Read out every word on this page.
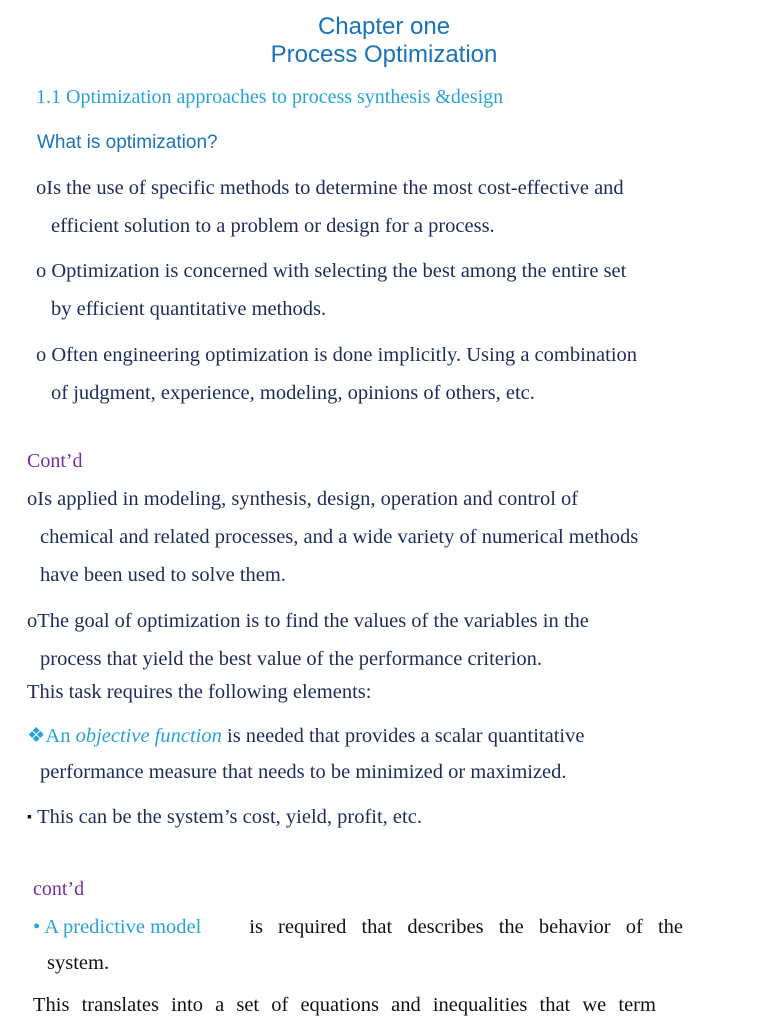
Chapter one
Process Optimization
1.1 Optimization approaches to process synthesis &design
What is optimization?
oIs the use of specific methods to determine the most cost-effective and
efficient solution to a problem or design for a process.
o Optimization is concerned with selecting the best among the entire set
by efficient quantitative methods.
o Often engineering optimization is done implicitly. Using a combination
of judgment, experience, modeling, opinions of others, etc.
Cont’d
oIs applied in modeling, synthesis, design, operation and control of
chemical and related processes, and a wide variety of numerical methods
have been used to solve them.
oThe goal of optimization is to find the values of the variables in the
process that yield the best value of the performance criterion.
This task requires the following elements:
❖An objective function is needed that provides a scalar quantitative
performance measure that needs to be minimized or maximized.
▪ This can be the system’s cost, yield, profit, etc.
cont’d
• A predictive model is required that describes the behavior of the
system.
This translates into a set of equations and inequalities that we term
